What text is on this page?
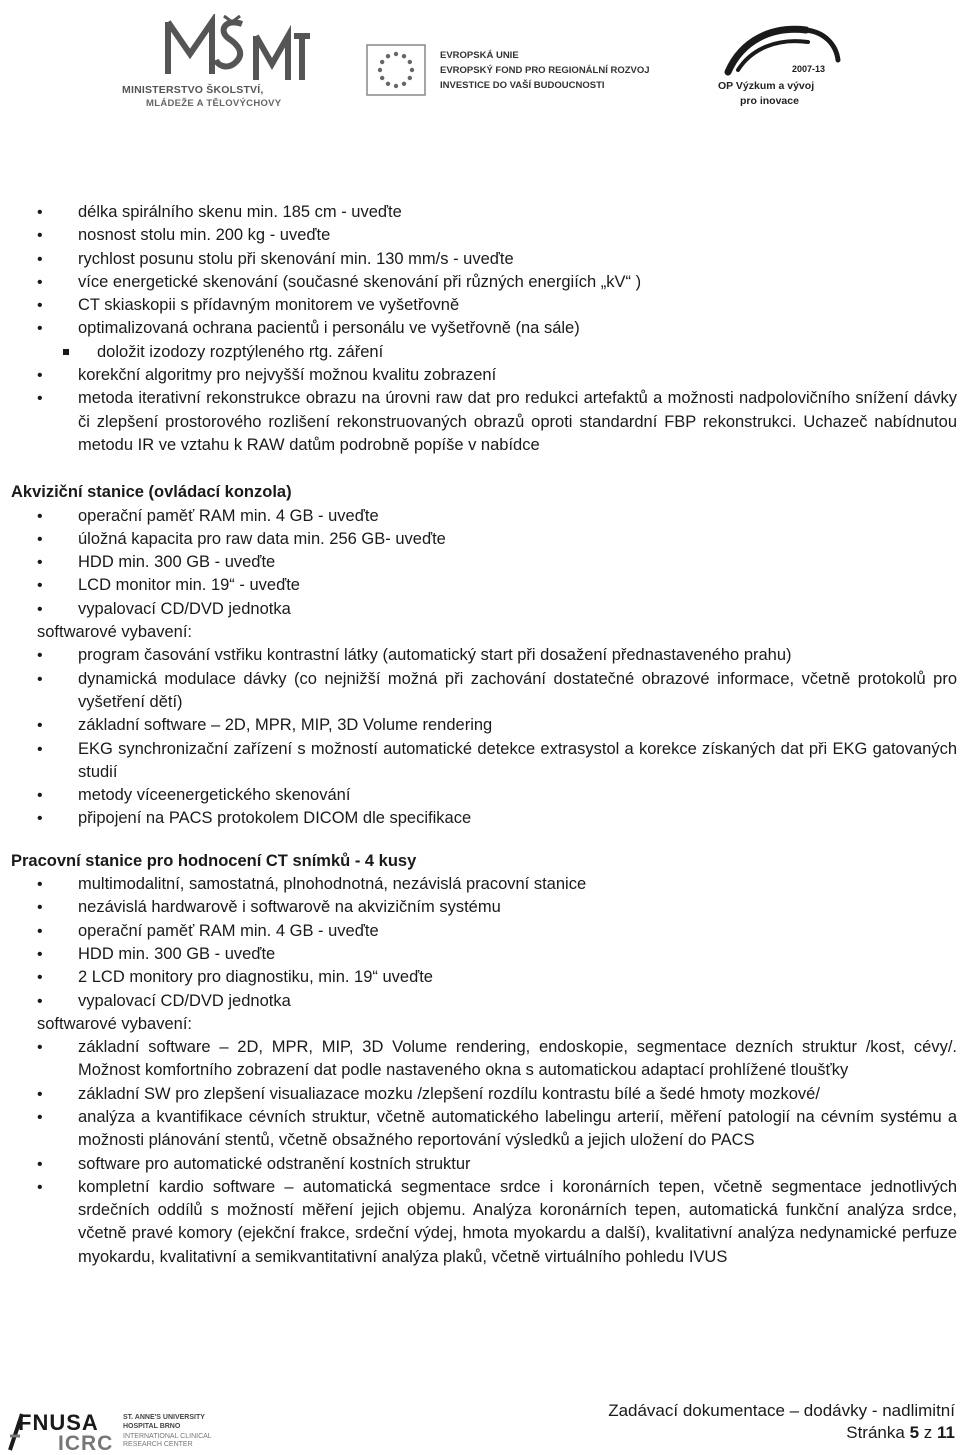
MINISTERSTVO ŠKOLSTVÍ,
MLÁDEŽE A TĚLOVÝCHOVY
EVROPSKÁ UNIE
EVROPSKÝ FOND PRO REGIONÁLNÍ ROZVOJ
INVESTICE DO VAŠÍ BUDOUCNOSTI
2007-13
OP Výzkum a vývoj
pro inovace
• délka spirálního skenu min. 185 cm - uveďte
• nosnost stolu min. 200 kg - uveďte
• rychlost posunu stolu při skenování min. 130 mm/s - uveďte
• více energetické skenování (současné skenování při různých energiích „kV“ )
• CT skiaskopii s přídavným monitorem ve vyšetřovně
• optimalizovaná ochrana pacientů i personálu ve vyšetřovně (na sále)
doložit izodozy rozptýleného rtg. záření
• korekční algoritmy pro nejvyšší možnou kvalitu zobrazení
• metoda iterativní rekonstrukce obrazu na úrovni raw dat pro redukci artefaktů a možnosti nadpolovičního snížení dávky či zlepšení prostorového rozlišení rekonstruovaných obrazů oproti standardní FBP rekonstrukci. Uchazeč nabídnutou metodu IR ve vztahu k RAW datům podrobně popíše v nabídce
Akviziční stanice (ovládací konzola)
• operační paměť RAM min. 4 GB - uveďte
• úložná kapacita pro raw data min. 256 GB- uveďte
• HDD min. 300 GB - uveďte
• LCD monitor min. 19“ - uveďte
• vypalovací CD/DVD jednotka
softwarové vybavení:
• program časování vstřiku kontrastní látky (automatický start při dosažení přednastaveného prahu)
• dynamická modulace dávky (co nejnižší možná při zachování dostatečné obrazové informace, včetně protokolů pro vyšetření dětí)
• základní software – 2D, MPR, MIP, 3D Volume rendering
• EKG synchronizační zařízení s možností automatické detekce extrasystol a korekce získaných dat při EKG gatovaných studií
• metody víceenergetického skenování
• připojení na PACS protokolem DICOM dle specifikace
Pracovní stanice pro hodnocení CT snímků - 4 kusy
• multimodalitní, samostatná, plnohodnotná, nezávislá pracovní stanice
• nezávislá hardwarově i softwarově na akvizičním systému
• operační paměť RAM min. 4 GB - uveďte
• HDD min. 300 GB - uveďte
• 2 LCD monitory pro diagnostiku, min. 19“ uveďte
• vypalovací CD/DVD jednotka
softwarové vybavení:
• základní software – 2D, MPR, MIP, 3D Volume rendering, endoskopie, segmentace dezních struktur /kost, cévy/. Možnost komfortního zobrazení dat podle nastaveného okna s automatickou adaptací prohlížené tloušťky
• základní SW pro zlepšení visualiazace mozku /zlepšení rozdílu kontrastu bílé a šedé hmoty mozkové/
• analýza a kvantifikace cévních struktur, včetně automatického labelingu arterií, měření patologií na cévním systému a možnosti plánování stentů, včetně obsažného reportování výsledků a jejich uložení do PACS
• software pro automatické odstranění kostních struktur
• kompletní kardio software – automatická segmentace srdce i koronárních tepen, včetně segmentace jednotlivých srdečních oddílů s možností měření jejich objemu. Analýza koronárních tepen, automatická funkční analýza srdce, včetně pravé komory (ejekční frakce, srdeční výdej, hmota myokardu a další), kvalitativní analýza nedynamické perfuze myokardu, kvalitativní a semikvantitativní analýza plaků, včetně virtuálního pohledu IVUS
FNUSA
ICRC
ST. ANNE'S UNIVERSITY
HOSPITAL BRNO
INTERNATIONAL CLINICAL
RESEARCH CENTER
Zadávací dokumentace – dodávky - nadlimitní
Stránka 5 z 11
